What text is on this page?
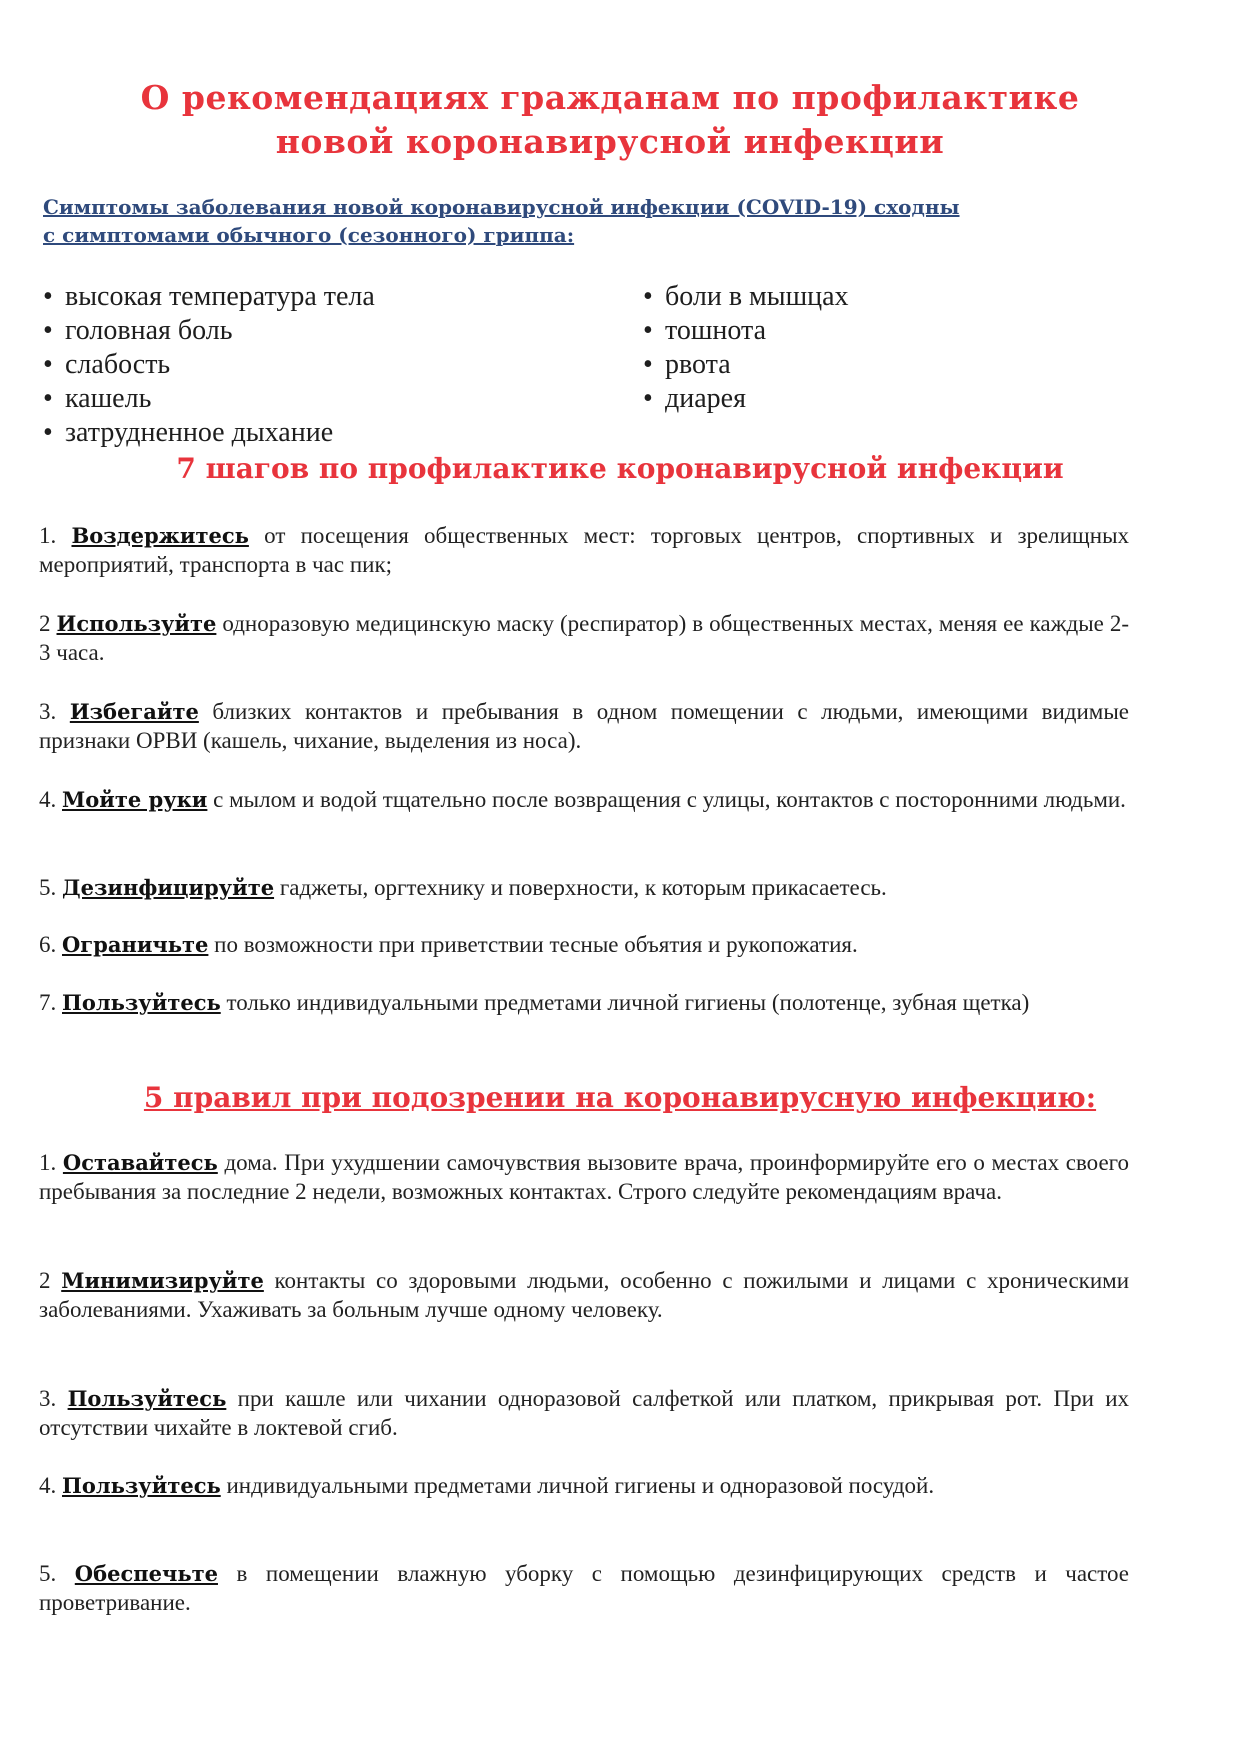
О рекомендациях гражданам по профилактике
новой коронавирусной инфекции
Симптомы заболевания новой коронавирусной инфекции (COVID-19) сходны
с симптомами обычного (сезонного) гриппа:
• высокая температура тела
• головная боль
• слабость
• кашель
• затрудненное дыхание
• боли в мышцах
• тошнота
• рвота
• диарея
7 шагов по профилактике коронавирусной инфекции
1. Воздержитесь от посещения общественных мест: торговых центров, спортивных и зрелищных мероприятий, транспорта в час пик;
2 Используйте одноразовую медицинскую маску (респиратор) в общественных местах, меняя ее каждые 2-3 часа.
3. Избегайте близких контактов и пребывания в одном помещении с людьми, имеющими видимые признаки ОРВИ (кашель, чихание, выделения из носа).
4. Мойте руки с мылом и водой тщательно после возвращения с улицы, контактов с посторонними людьми.
5. Дезинфицируйте гаджеты, оргтехнику и поверхности, к которым прикасаетесь.
6. Ограничьте по возможности при приветствии тесные объятия и рукопожатия.
7. Пользуйтесь только индивидуальными предметами личной гигиены (полотенце, зубная щетка)
5 правил при подозрении на коронавирусную инфекцию:
1. Оставайтесь дома. При ухудшении самочувствия вызовите врача, проинформируйте его о местах своего пребывания за последние 2 недели, возможных контактах. Строго следуйте рекомендациям врача.
2 Минимизируйте контакты со здоровыми людьми, особенно с пожилыми и лицами с хроническими заболеваниями. Ухаживать за больным лучше одному человеку.
3. Пользуйтесь при кашле или чихании одноразовой салфеткой или платком, прикрывая рот. При их отсутствии чихайте в локтевой сгиб.
4. Пользуйтесь индивидуальными предметами личной гигиены и одноразовой посудой.
5. Обеспечьте в помещении влажную уборку с помощью дезинфицирующих средств и частое проветривание.
